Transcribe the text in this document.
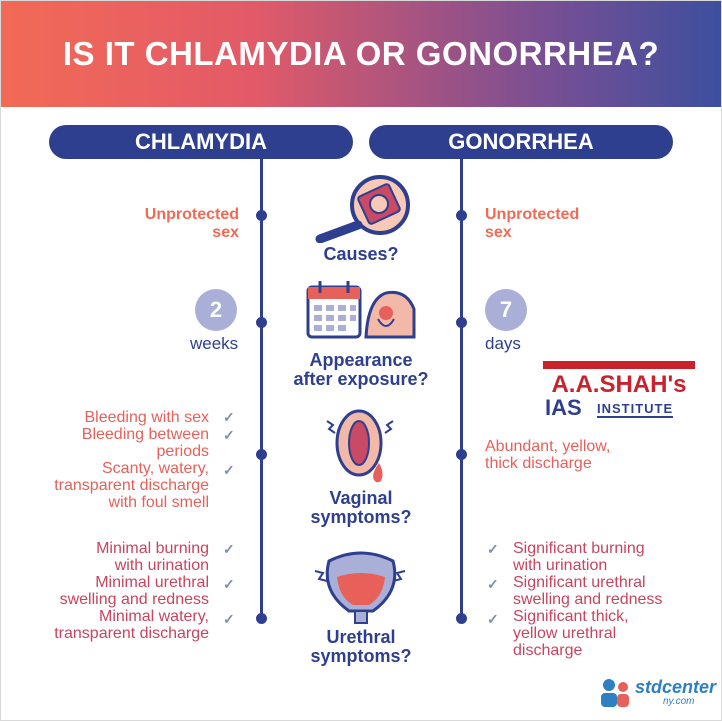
IS IT CHLAMYDIA OR GONORRHEA?
CHLAMYDIA	GONORRHEA
Unprotected
sex
Unprotected
sex
Causes?
2
weeks
7
days
Appearance
after exposure?
Bleeding with sex
Bleeding between
periods
Scanty, watery,
transparent discharge
with foul smell
✓
✓
✓
Abundant, yellow,
thick discharge
Vaginal
symptoms?
Minimal burning
with urination
Minimal urethral
swelling and redness
Minimal watery,
transparent discharge
✓
✓
✓
Significant burning
with urination
Significant urethral
swelling and redness
Significant thick,
yellow urethral
discharge
✓
✓
✓
Urethral
symptoms?
A.A.SHAH's
IAS INSTITUTE
stdcenter
ny.com
